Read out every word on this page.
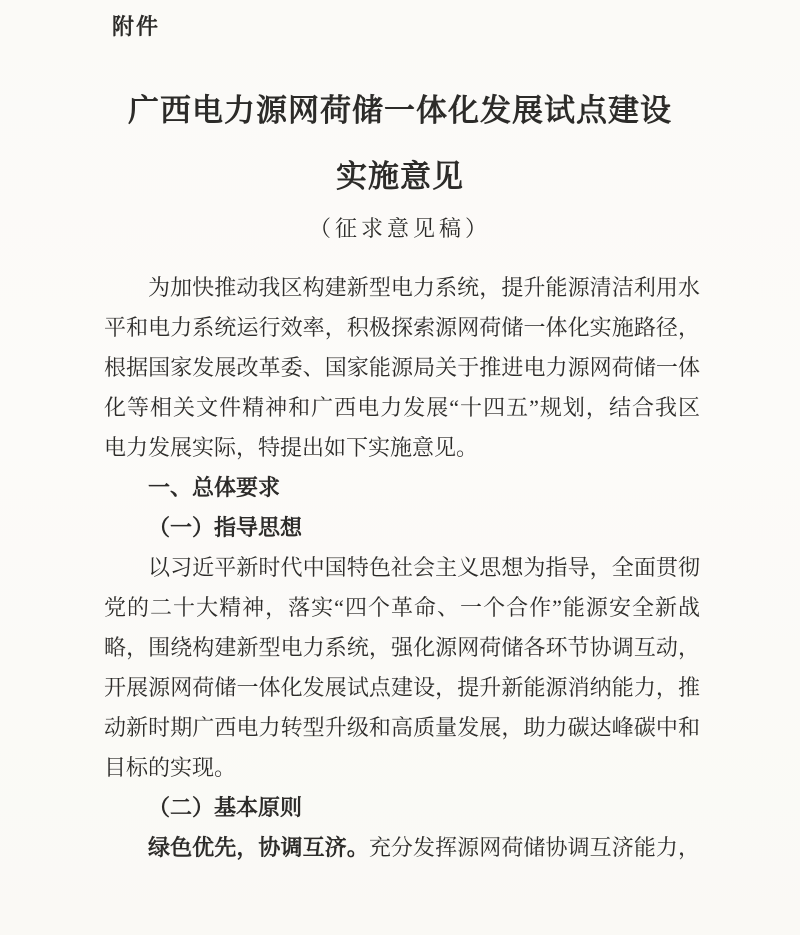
附件
广西电力源网荷储一体化发展试点建设
实施意见
（征求意见稿）
为加快推动我区构建新型电力系统，提升能源清洁利用水
平和电力系统运行效率，积极探索源网荷储一体化实施路径，
根据国家发展改革委、国家能源局关于推进电力源网荷储一体
化等相关文件精神和广西电力发展“十四五”规划，结合我区
电力发展实际，特提出如下实施意见。
一、总体要求
（一）指导思想
以习近平新时代中国特色社会主义思想为指导，全面贯彻
党的二十大精神，落实“四个革命、一个合作”能源安全新战
略，围绕构建新型电力系统，强化源网荷储各环节协调互动，
开展源网荷储一体化发展试点建设，提升新能源消纳能力，推
动新时期广西电力转型升级和高质量发展，助力碳达峰碳中和
目标的实现。
（二）基本原则
绿色优先，协调互济。充分发挥源网荷储协调互济能力，
